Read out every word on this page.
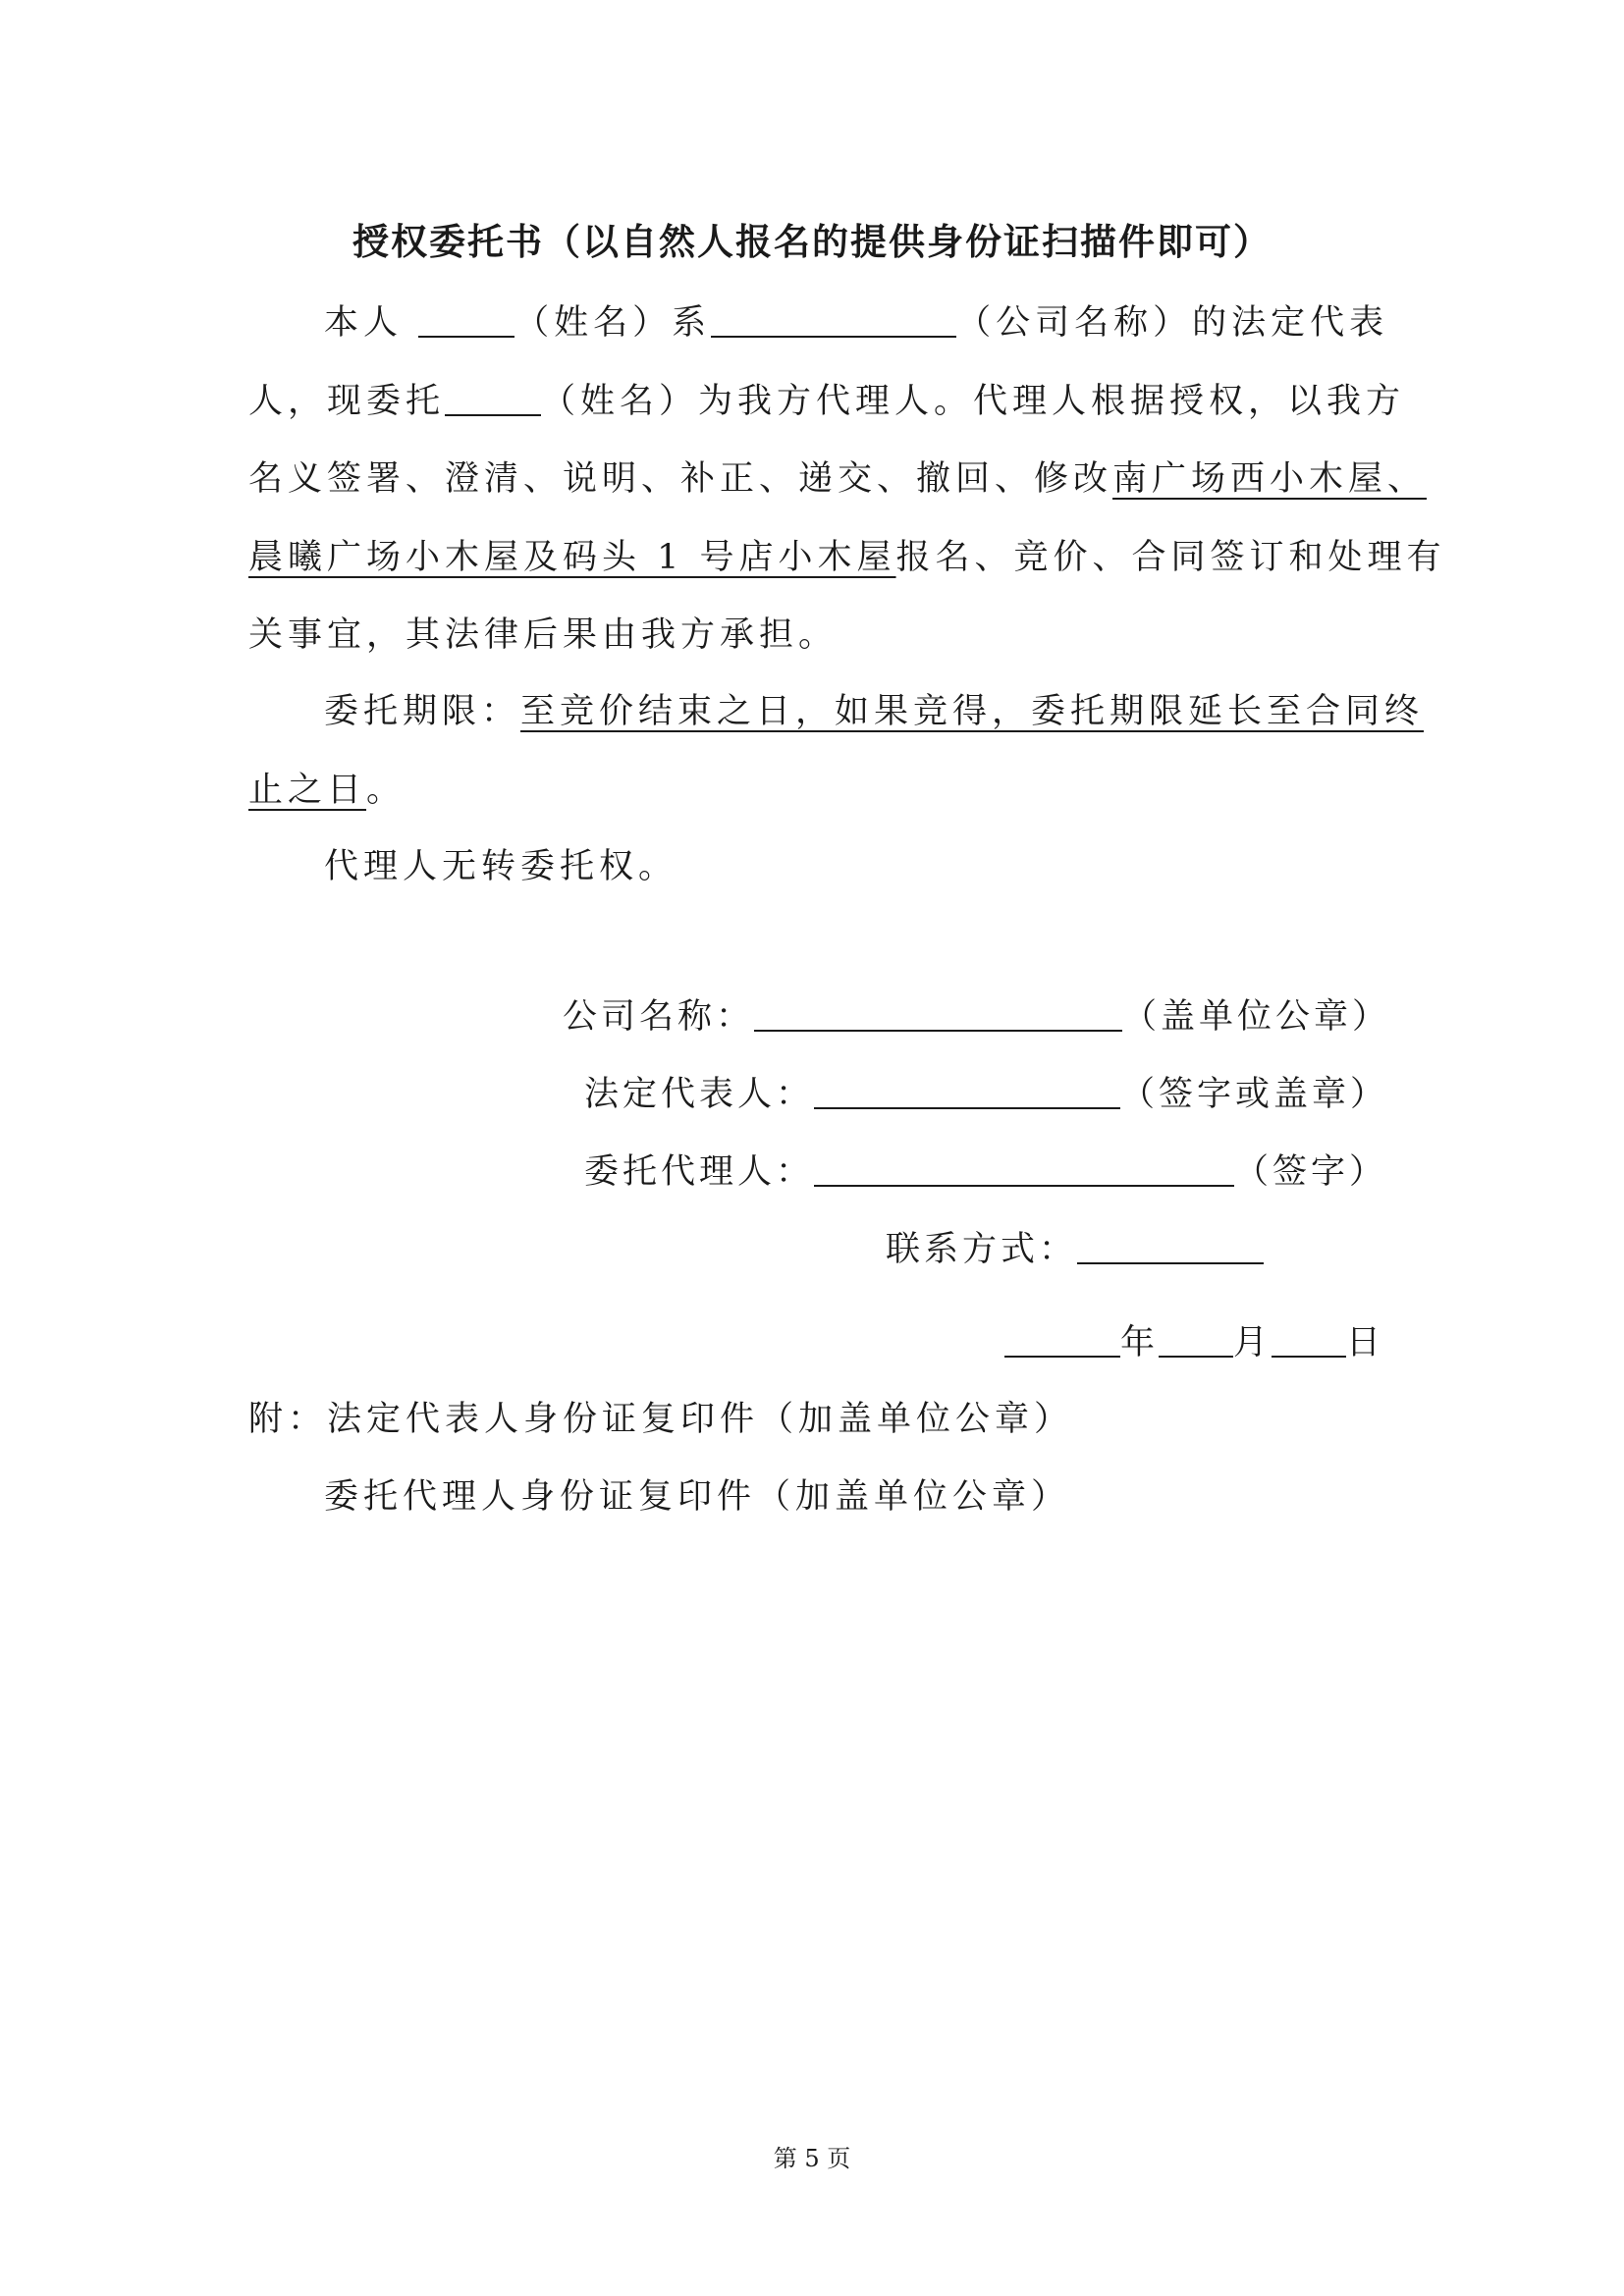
授权委托书（以自然人报名的提供身份证扫描件即可）
本人	（姓名）系	（公司名称）的法定代表
人，现委托	（姓名）为我方代理人。代理人根据授权，以我方
名义签署、澄清、说明、补正、递交、撤回、修改南广场西小木屋、
晨曦广场小木屋及码头 1 号店小木屋报名、竞价、合同签订和处理有
关事宜，其法律后果由我方承担。
委托期限：至竞价结束之日，如果竞得，委托期限延长至合同终
止之日。
代理人无转委托权。
公司名称：	（盖单位公章）
法定代表人：	（签字或盖章）
委托代理人：	（签字）
联系方式：
年 月 日
附：法定代表人身份证复印件（加盖单位公章）
委托代理人身份证复印件（加盖单位公章）
第 5 页
